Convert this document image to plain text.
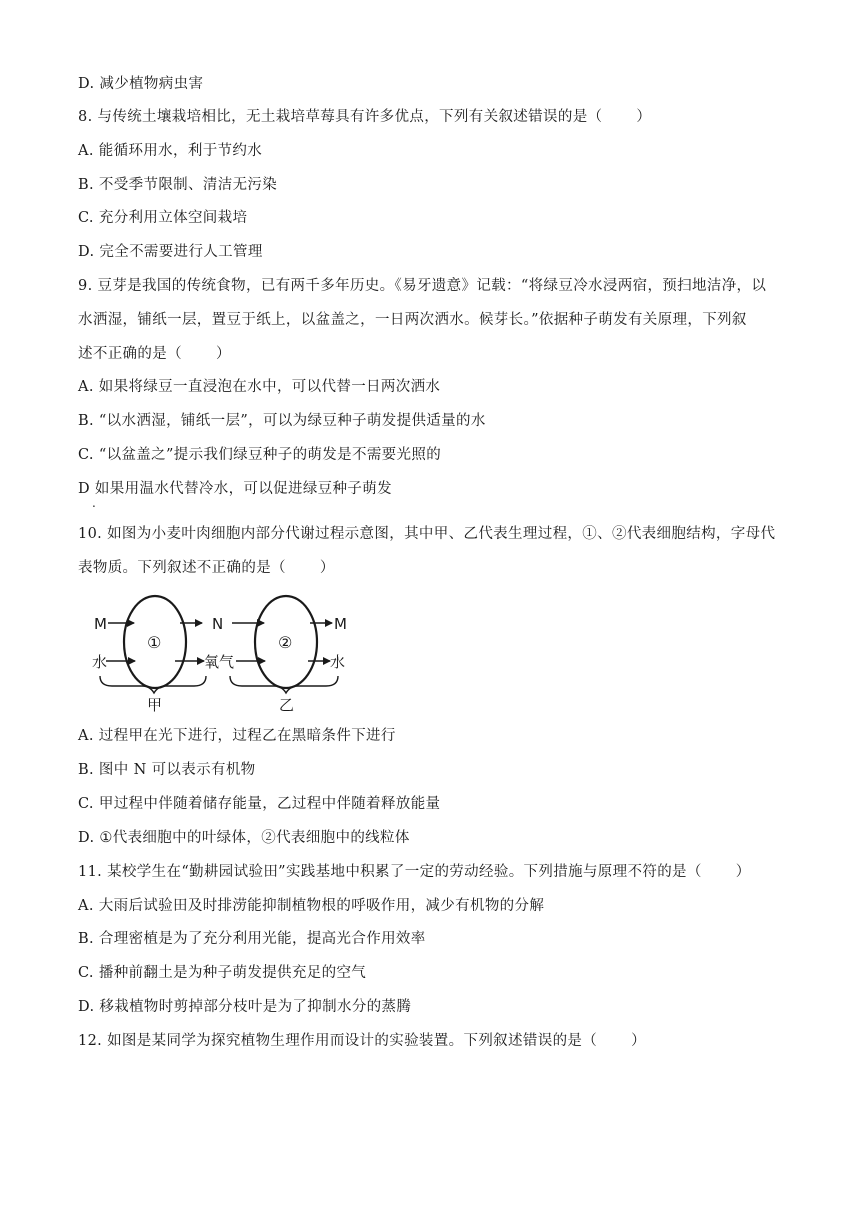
D. 减少植物病虫害
8. 与传统土壤栽培相比，无土栽培草莓具有许多优点，下列有关叙述错误的是（ ）
A. 能循环用水，利于节约水
B. 不受季节限制、清洁无污染
C. 充分利用立体空间栽培
D. 完全不需要进行人工管理
9. 豆芽是我国的传统食物，已有两千多年历史。《易牙遗意》记载：“将绿豆冷水浸两宿，预扫地洁净，以
水洒湿，铺纸一层，置豆于纸上，以盆盖之，一日两次洒水。候芽长。”依据种子萌发有关原理，下列叙
述不正确的是（ ）
A. 如果将绿豆一直浸泡在水中，可以代替一日两次洒水
B. “以水洒湿，铺纸一层”，可以为绿豆种子萌发提供适量的水
C. “以盆盖之”提示我们绿豆种子的萌发是不需要光照的
D 如果用温水代替冷水，可以促进绿豆种子萌发
.
10. 如图为小麦叶肉细胞内部分代谢过程示意图，其中甲、乙代表生理过程，①、②代表细胞结构，字母代
表物质。下列叙述不正确的是（ ）
M
水
①
N
氧气
②
M
水
甲	乙
A. 过程甲在光下进行，过程乙在黑暗条件下进行
B. 图中 N 可以表示有机物
C. 甲过程中伴随着储存能量，乙过程中伴随着释放能量
D. ①代表细胞中的叶绿体，②代表细胞中的线粒体
11. 某校学生在“勤耕园试验田”实践基地中积累了一定的劳动经验。下列措施与原理不符的是（ ）
A. 大雨后试验田及时排涝能抑制植物根的呼吸作用，减少有机物的分解
B. 合理密植是为了充分利用光能，提高光合作用效率
C. 播种前翻土是为种子萌发提供充足的空气
D. 移栽植物时剪掉部分枝叶是为了抑制水分的蒸腾
12. 如图是某同学为探究植物生理作用而设计的实验装置。下列叙述错误的是（ ）
